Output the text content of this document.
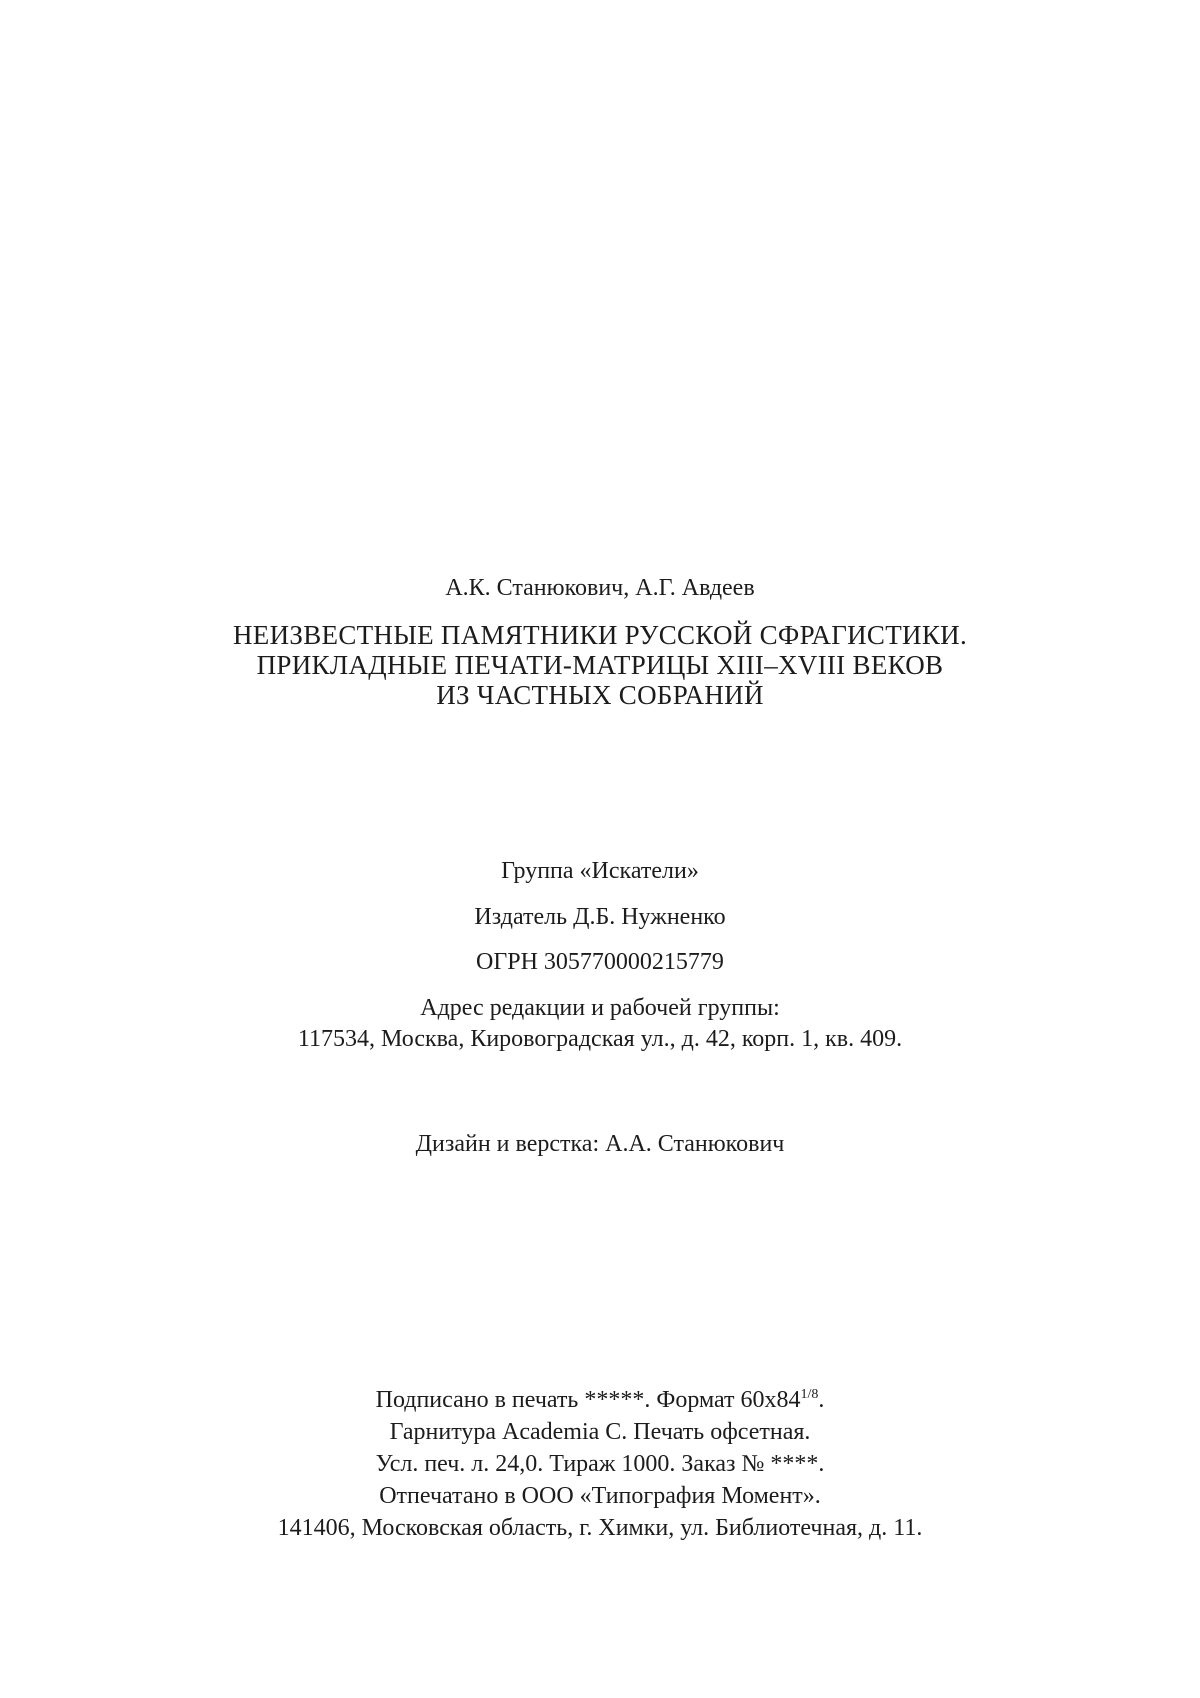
А.К. Станюкович, А.Г. Авдеев
НЕИЗВЕСТНЫЕ ПАМЯТНИКИ РУССКОЙ СФРАГИСТИКИ.
ПРИКЛАДНЫЕ ПЕЧАТИ-МАТРИЦЫ XIII–XVIII ВЕКОВ
ИЗ ЧАСТНЫХ СОБРАНИЙ
Группа «Искатели»
Издатель Д.Б. Нужненко
ОГРН 305770000215779
Адрес редакции и рабочей группы:
117534, Москва, Кировоградская ул., д. 42, корп. 1, кв. 409.
Дизайн и верстка: А.А. Станюкович
Подписано в печать *****. Формат $60х84^{1/8}$.
Гарнитура Academia C. Печать офсетная.
Усл. печ. л. 24,0. Тираж 1000. Заказ № ****.
Отпечатано в ООО «Типография Момент».
141406, Московская область, г. Химки, ул. Библиотечная, д. 11.
